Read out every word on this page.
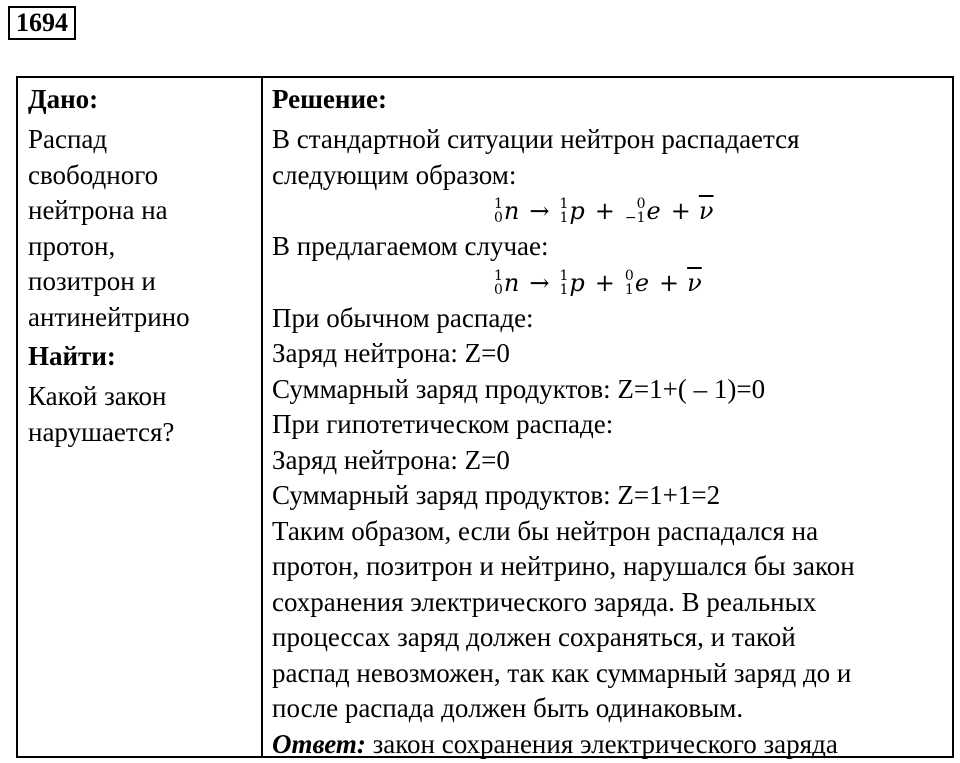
1694

Дано:

Распад

свободного

нейтрона на

протон,

позитрон и

антинейтрино

Найти:

Какой закон

нарушается?

Решение:

В стандартной ситуации нейтрон распадается

следующим образом:

1
0 n → 1
1 p + 0
−1 $e + \overline{\nu}$

В предлагаемом случае:

1
0 n → 1
1 p + 0
1 $e + \overline{\nu}$

При обычном распаде:

Заряд нейтрона: Z=0

Суммарный заряд продуктов: Z=1+( – 1)=0

При гипотетическом распаде:

Заряд нейтрона: Z=0

Суммарный заряд продуктов: Z=1+1=2

Таким образом, если бы нейтрон распадался на

протон, позитрон и нейтрино, нарушался бы закон

сохранения электрического заряда. В реальных

процессах заряд должен сохраняться, и такой

распад невозможен, так как суммарный заряд до и

после распада должен быть одинаковым.

Ответ: закон сохранения электрического заряда
